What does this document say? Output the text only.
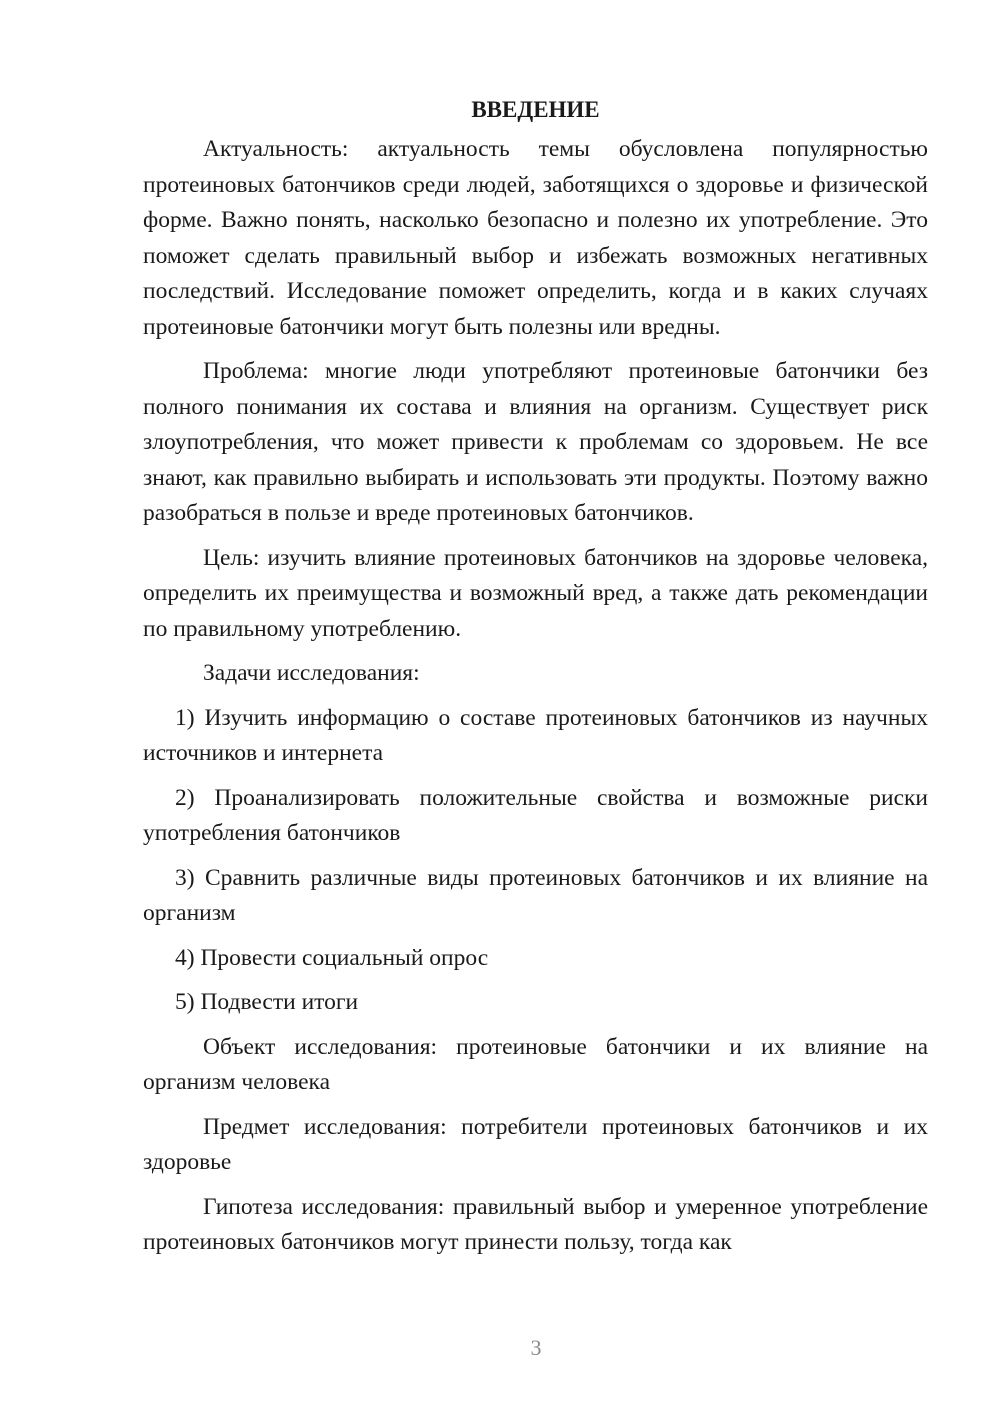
ВВЕДЕНИЕ

Актуальность: актуальность темы обусловлена популярностью протеиновых батончиков среди людей, заботящихся о здоровье и физической форме. Важно понять, насколько безопасно и полезно их употребление. Это поможет сделать правильный выбор и избежать возможных негативных последствий. Исследование поможет определить, когда и в каких случаях протеиновые батончики могут быть полезны или вредны.

Проблема: многие люди употребляют протеиновые батончики без полного понимания их состава и влияния на организм. Существует риск злоупотребления, что может привести к проблемам со здоровьем. Не все знают, как правильно выбирать и использовать эти продукты. Поэтому важно разобраться в пользе и вреде протеиновых батончиков.

Цель: изучить влияние протеиновых батончиков на здоровье человека, определить их преимущества и возможный вред, а также дать рекомендации по правильному употреблению.

Задачи исследования:

1) Изучить информацию о составе протеиновых батончиков из научных источников и интернета

2) Проанализировать положительные свойства и возможные риски употребления батончиков

3) Сравнить различные виды протеиновых батончиков и их влияние на организм

4) Провести социальный опрос

5) Подвести итоги

Объект исследования: протеиновые батончики и их влияние на организм человека

Предмет исследования: потребители протеиновых батончиков и их здоровье

Гипотеза исследования: правильный выбор и умеренное употребление протеиновых батончиков могут принести пользу, тогда как

3
